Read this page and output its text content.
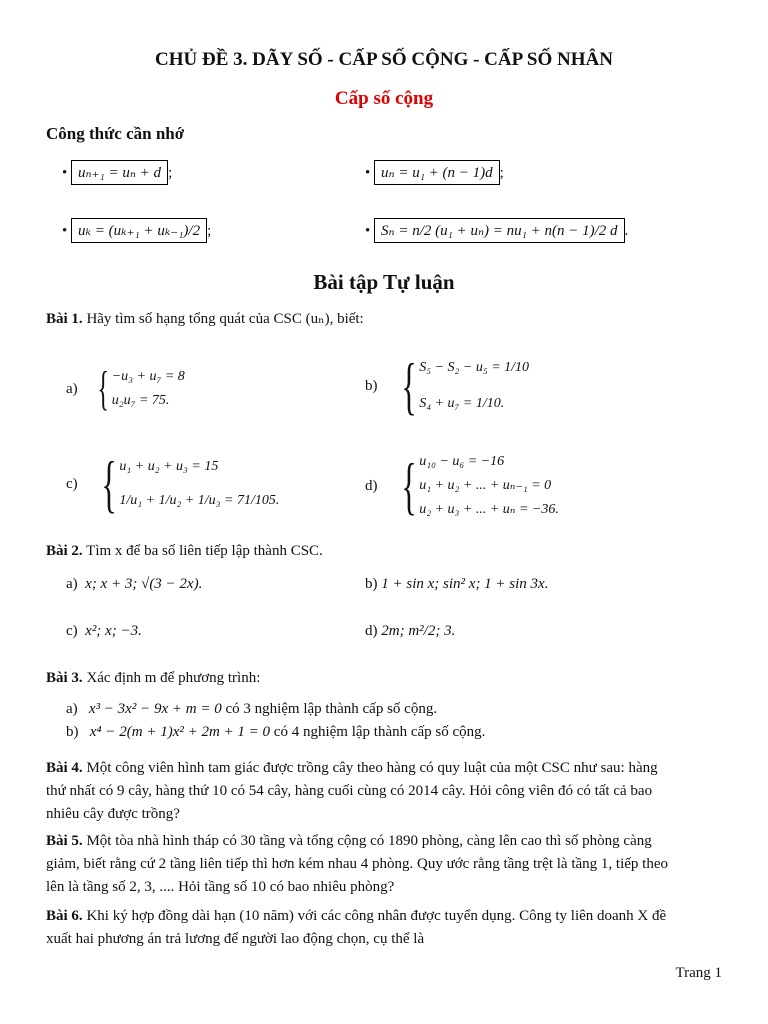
CHỦ ĐỀ 3. DÃY SỐ - CẤP SỐ CỘNG - CẤP SỐ NHÂN
Cấp số cộng
Công thức cần nhớ
• uₙ₊₁ = uₙ + d ;	• uₙ = u₁ + (n − 1)d ;
• uₖ = (uₖ₊₁ + uₖ₋₁)/2 ;	• Sₙ = n/2 (u₁ + uₙ) = nu₁ + n(n − 1)/2 d .
Bài tập Tự luận
Bài 1. Hãy tìm số hạng tổng quát của CSC (uₙ), biết:
a) { −u₃ + u₇ = 8
u₂u₇ = 75.
b) { S₅ − S₂ − u₅ = 1/10
S₄ + u₇ = 1/10.
c) { u₁ + u₂ + u₃ = 15
1/u₁ + 1/u₂ + 1/u₃ = 71/105.
d) { u₁₀ − u₆ = −16
u₁ + u₂ + ... + uₙ₋₁ = 0
u₂ + u₃ + ... + uₙ = −36.
Bài 2. Tìm x để ba số liên tiếp lập thành CSC.
a) x; x + 3; √(3 − 2x).	b) 1 + sin x; sin² x; 1 + sin 3x.
c) x²; x; −3.	d) 2m; m²/2; 3.
Bài 3. Xác định m để phương trình:
a) x³ − 3x² − 9x + m = 0 có 3 nghiệm lập thành cấp số cộng.
b) x⁴ − 2(m + 1)x² + 2m + 1 = 0 có 4 nghiệm lập thành cấp số cộng.
Bài 4. Một công viên hình tam giác được trồng cây theo hàng có quy luật của một CSC như sau: hàng
thứ nhất có 9 cây, hàng thứ 10 có 54 cây, hàng cuối cùng có 2014 cây. Hỏi công viên đó có tất cả bao
nhiêu cây được trồng?
Bài 5. Một tòa nhà hình tháp có 30 tầng và tổng cộng có 1890 phòng, càng lên cao thì số phòng càng
giảm, biết rằng cứ 2 tầng liên tiếp thì hơn kém nhau 4 phòng. Quy ước rằng tầng trệt là tầng 1, tiếp theo
lên là tầng số 2, 3, .... Hỏi tầng số 10 có bao nhiêu phòng?
Bài 6. Khi ký hợp đồng dài hạn (10 năm) với các công nhân được tuyển dụng. Công ty liên doanh X đề
xuất hai phương án trả lương để người lao động chọn, cụ thể là
Trang 1
